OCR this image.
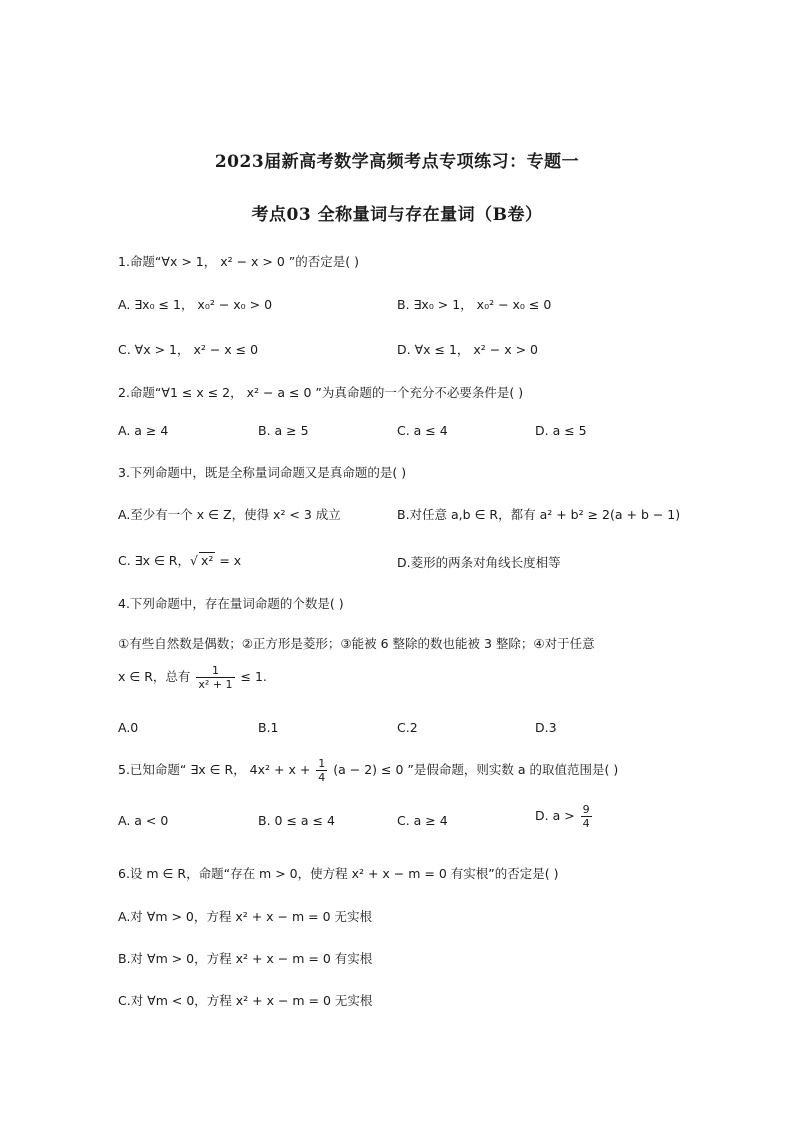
2023届新高考数学高频考点专项练习：专题一
考点03 全称量词与存在量词（B卷）
1.命题“∀x > 1， x² − x > 0 ”的否定是( )
A. ∃x₀ ≤ 1， x₀² − x₀ > 0	B. ∃x₀ > 1， x₀² − x₀ ≤ 0
C. ∀x > 1， x² − x ≤ 0	D. ∀x ≤ 1， x² − x > 0
2.命题“∀1 ≤ x ≤ 2， x² − a ≤ 0 ”为真命题的一个充分不必要条件是( )
A. a ≥ 4	B. a ≥ 5	C. a ≤ 4	D. a ≤ 5
3.下列命题中，既是全称量词命题又是真命题的是( )
A.至少有一个 x ∈ Z，使得 x² < 3 成立	B.对任意 a,b ∈ R，都有 a² + b² ≥ 2(a + b − 1)
C. ∃x ∈ R，√ x² = x	D.菱形的两条对角线长度相等
4.下列命题中，存在量词命题的个数是( )
①有些自然数是偶数；②正方形是菱形；③能被 6 整除的数也能被 3 整除；④对于任意
x ∈ R，总有 $\frac{1}{\text{x² + 1}} \le 1$.
A.0	B.1	C.2	D.3
5.已知命题“ ∃x ∈ R， $4x^2 + x + \frac{1}{4} (a - 2) \le 0$ ”是假命题，则实数 a 的取值范围是( )
A. a < 0	B. 0 ≤ a ≤ 4	C. a ≥ 4	D. $a > \frac{9}{4}$
6.设 m ∈ R，命题“存在 m > 0，使方程 x² + x − m = 0 有实根”的否定是( )
A.对 ∀m > 0，方程 x² + x − m = 0 无实根
B.对 ∀m > 0，方程 x² + x − m = 0 有实根
C.对 ∀m < 0，方程 x² + x − m = 0 无实根
